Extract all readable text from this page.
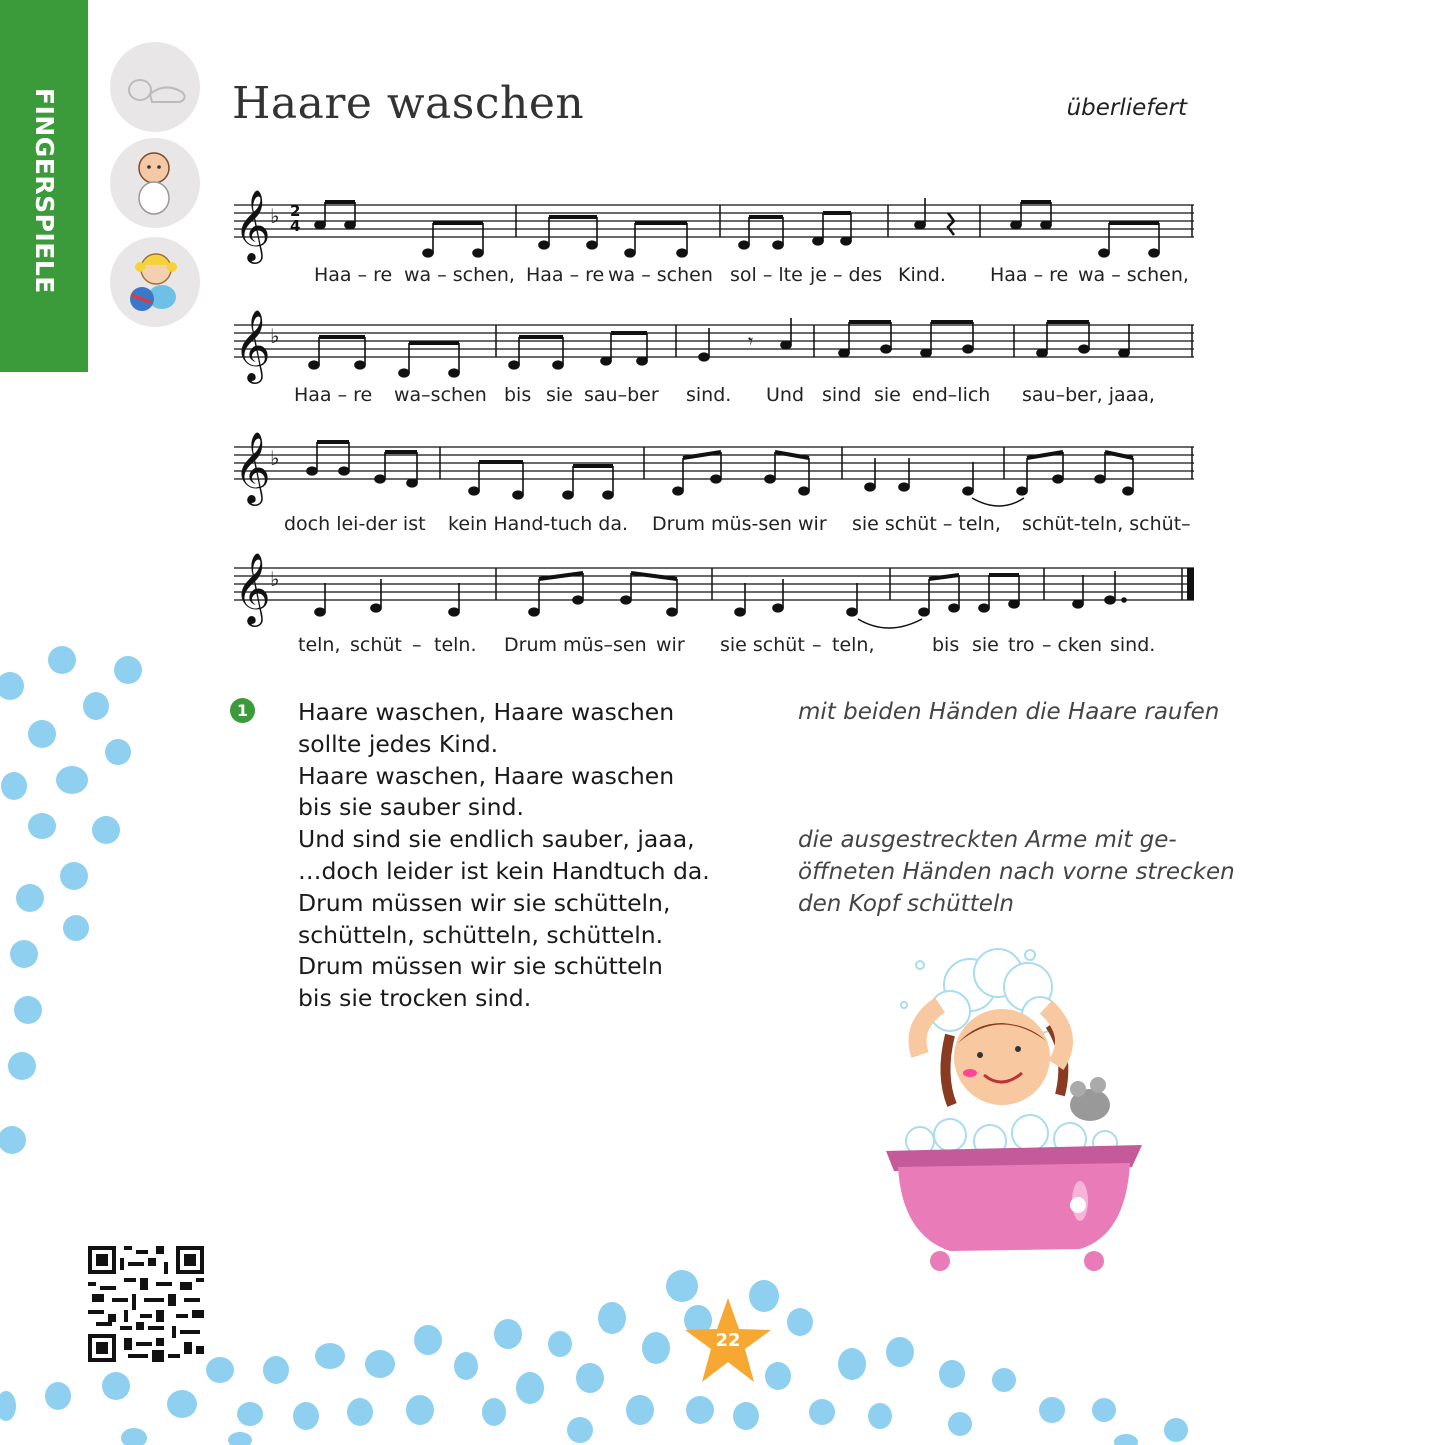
FINGERSPIELE	Haare waschen	überliefert
𝄞 ♭ 2
4
Haa – re wa – schen, Haa – re wa – schen sol – lte je – des Kind. Haa – re wa – schen,
𝄞 ♭	𝄾
Haa – re wa–schen bis sie sau–ber sind. Und sind sie end–lich sau–ber, jaaa,
𝄞 ♭
doch lei-der ist kein Hand-tuch da. Drum müs-sen wir sie schüt – teln, schüt-teln, schüt–
𝄞 ♭
teln, schüt – teln. Drum müs–sen wir sie schüt – teln,	bis sie tro – cken sind.
1 Haare waschen, Haare waschen
sollte jedes Kind.
Haare waschen, Haare waschen
bis sie sauber sind.
Und sind sie endlich sauber, jaaa,
…doch leider ist kein Handtuch da.
Drum müssen wir sie schütteln,
schütteln, schütteln, schütteln.
Drum müssen wir sie schütteln
bis sie trocken sind.
mit beiden Händen die Haare raufen
die ausgestreckten Arme mit ge-
öffneten Händen nach vorne strecken
den Kopf schütteln
22
